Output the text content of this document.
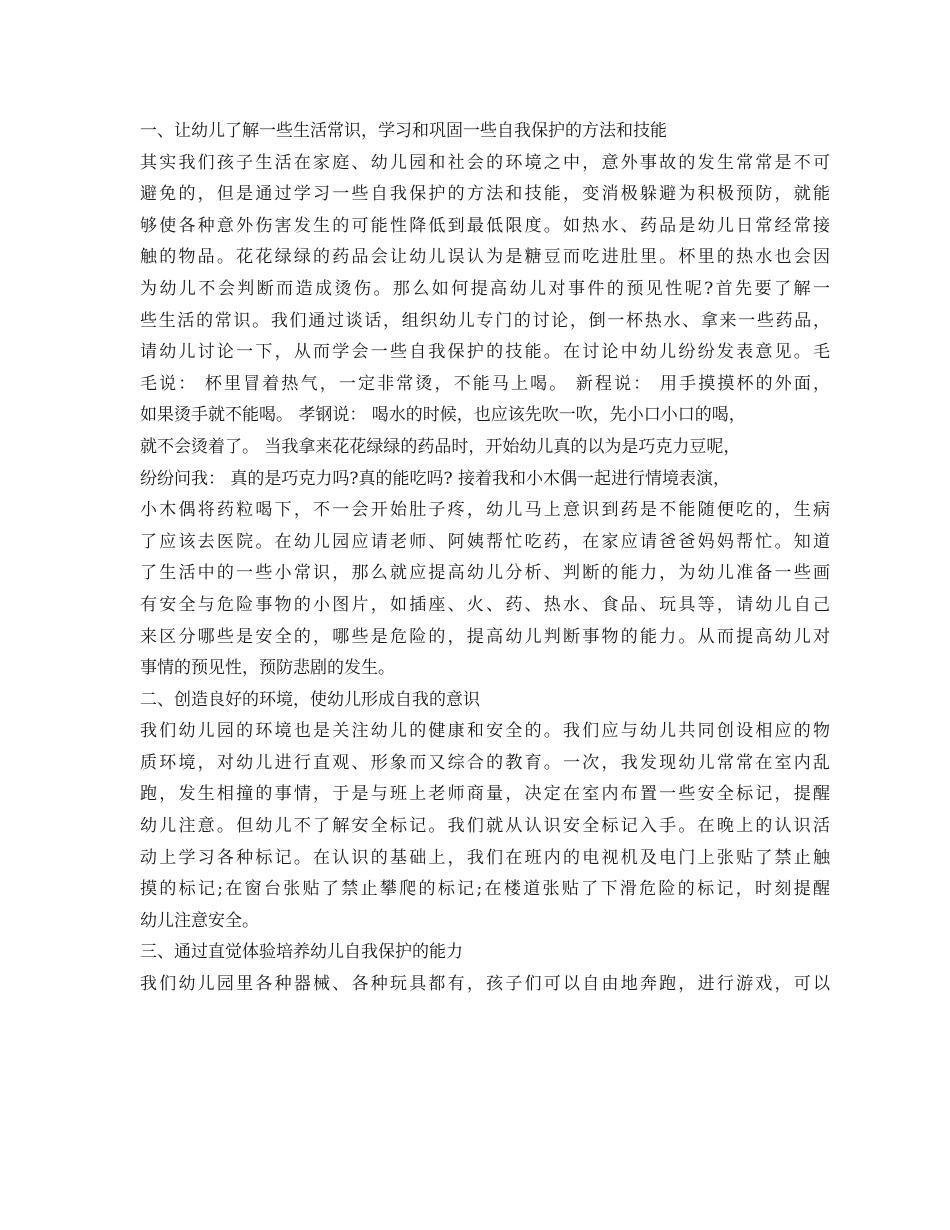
一、让幼儿了解一些生活常识，学习和巩固一些自我保护的方法和技能
其实我们孩子生活在家庭、幼儿园和社会的环境之中，意外事故的发生常常是不可
避免的，但是通过学习一些自我保护的方法和技能，变消极躲避为积极预防，就能
够使各种意外伤害发生的可能性降低到最低限度。如热水、药品是幼儿日常经常接
触的物品。花花绿绿的药品会让幼儿误认为是糖豆而吃进肚里。杯里的热水也会因
为幼儿不会判断而造成烫伤。那么如何提高幼儿对事件的预见性呢?首先要了解一
些生活的常识。我们通过谈话，组织幼儿专门的讨论，倒一杯热水、拿来一些药品，
请幼儿讨论一下，从而学会一些自我保护的技能。在讨论中幼儿纷纷发表意见。毛
毛说： 杯里冒着热气，一定非常烫，不能马上喝。 新程说： 用手摸摸杯的外面，
如果烫手就不能喝。 孝钢说： 喝水的时候，也应该先吹一吹，先小口小口的喝，
就不会烫着了。 当我拿来花花绿绿的药品时，开始幼儿真的以为是巧克力豆呢，
纷纷问我： 真的是巧克力吗?真的能吃吗? 接着我和小木偶一起进行情境表演，
小木偶将药粒喝下，不一会开始肚子疼，幼儿马上意识到药是不能随便吃的，生病
了应该去医院。在幼儿园应请老师、阿姨帮忙吃药，在家应请爸爸妈妈帮忙。知道
了生活中的一些小常识，那么就应提高幼儿分析、判断的能力，为幼儿准备一些画
有安全与危险事物的小图片，如插座、火、药、热水、食品、玩具等，请幼儿自己
来区分哪些是安全的，哪些是危险的，提高幼儿判断事物的能力。从而提高幼儿对
事情的预见性，预防悲剧的发生。
二、创造良好的环境，使幼儿形成自我的意识
我们幼儿园的环境也是关注幼儿的健康和安全的。我们应与幼儿共同创设相应的物
质环境，对幼儿进行直观、形象而又综合的教育。一次，我发现幼儿常常在室内乱
跑，发生相撞的事情，于是与班上老师商量，决定在室内布置一些安全标记，提醒
幼儿注意。但幼儿不了解安全标记。我们就从认识安全标记入手。在晚上的认识活
动上学习各种标记。在认识的基础上，我们在班内的电视机及电门上张贴了禁止触
摸的标记;在窗台张贴了禁止攀爬的标记;在楼道张贴了下滑危险的标记，时刻提醒
幼儿注意安全。
三、通过直觉体验培养幼儿自我保护的能力
我们幼儿园里各种器械、各种玩具都有，孩子们可以自由地奔跑，进行游戏，可以
